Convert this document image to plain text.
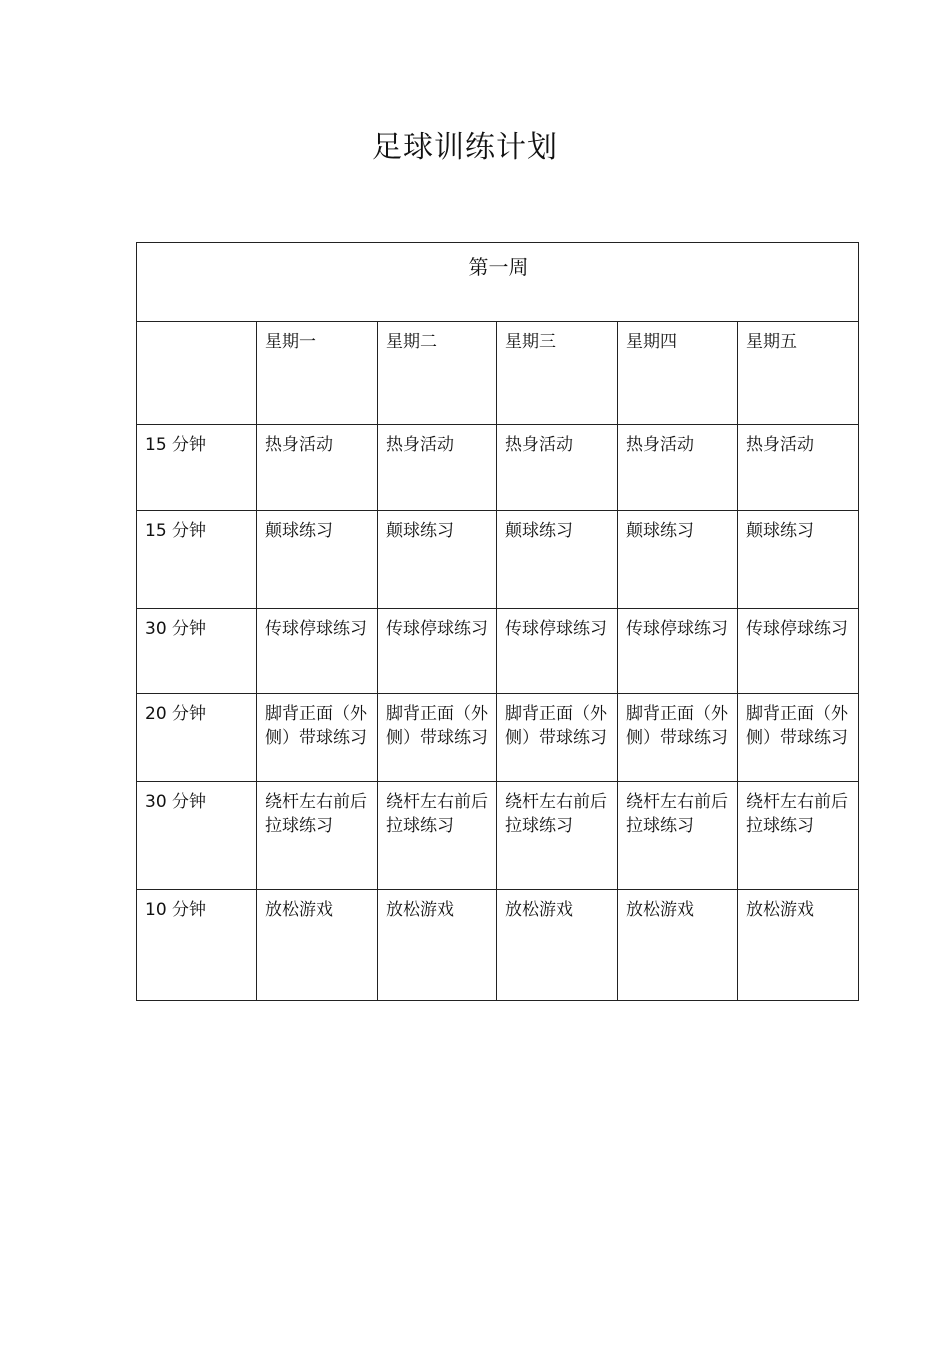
足球训练计划
第一周					
	星期一	星期二	星期三	星期四	星期五
15 分钟	热身活动	热身活动	热身活动	热身活动	热身活动
15 分钟	颠球练习	颠球练习	颠球练习	颠球练习	颠球练习
30 分钟	传球停球练习	传球停球练习	传球停球练习	传球停球练习	传球停球练习
20 分钟	脚背正面（外侧）带球练习	脚背正面（外侧）带球练习	脚背正面（外侧）带球练习	脚背正面（外侧）带球练习	脚背正面（外侧）带球练习
30 分钟	绕杆左右前后拉球练习	绕杆左右前后拉球练习	绕杆左右前后拉球练习	绕杆左右前后拉球练习	绕杆左右前后拉球练习
10 分钟	放松游戏	放松游戏	放松游戏	放松游戏	放松游戏
